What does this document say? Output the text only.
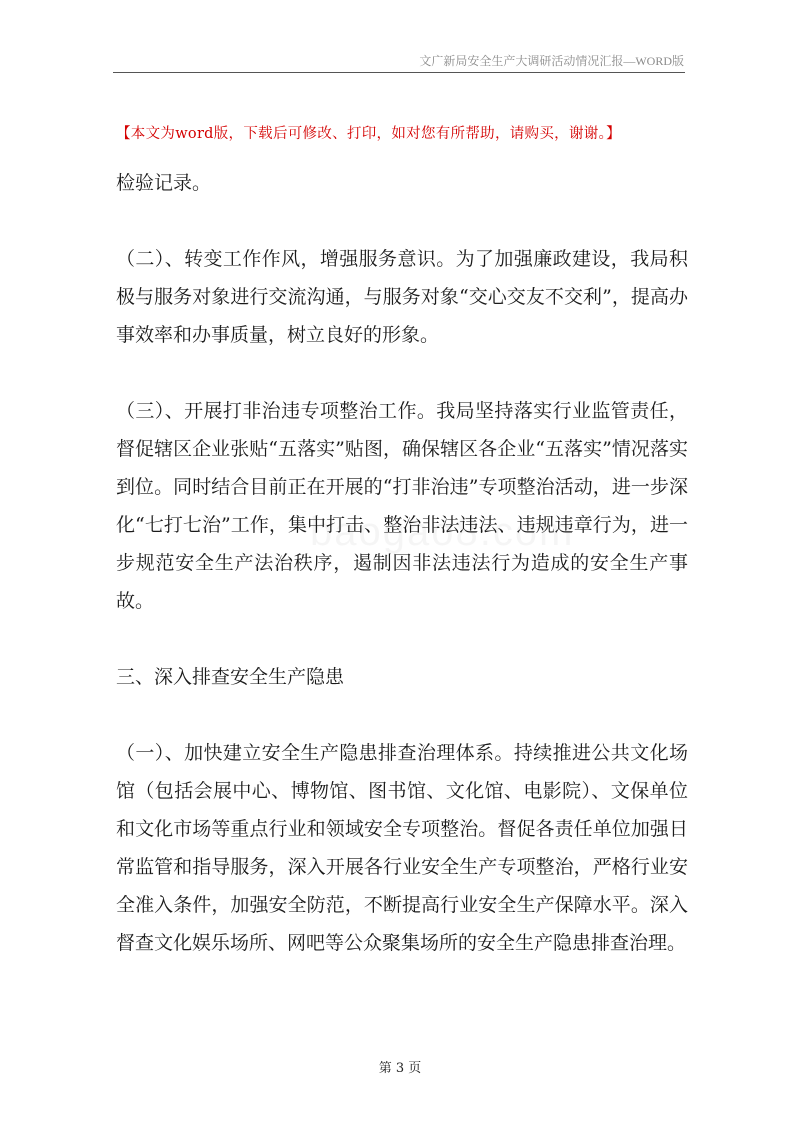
文广新局安全生产大调研活动情况汇报—WORD版
【本文为word版，下载后可修改、打印，如对您有所帮助，请购买，谢谢。】

检验记录。

（二）、转变工作作风，增强服务意识。为了加强廉政建设，我局积极与服务对象进行交流沟通，与服务对象“交心交友不交利”，提高办事效率和办事质量，树立良好的形象。

（三）、开展打非治违专项整治工作。我局坚持落实行业监管责任，督促辖区企业张贴“五落实”贴图，确保辖区各企业“五落实”情况落实到位。同时结合目前正在开展的“打非治违”专项整治活动，进一步深化“七打七治”工作，集中打击、整治非法违法、违规违章行为，进一步规范安全生产法治秩序，遏制因非法违法行为造成的安全生产事故。

三、深入排查安全生产隐患

（一）、加快建立安全生产隐患排查治理体系。持续推进公共文化场馆（包括会展中心、博物馆、图书馆、文化馆、电影院）、文保单位和文化市场等重点行业和领域安全专项整治。督促各责任单位加强日常监管和指导服务，深入开展各行业安全生产专项整治，严格行业安全准入条件，加强安全防范，不断提高行业安全生产保障水平。深入督查文化娱乐场所、网吧等公众聚集场所的安全生产隐患排查治理。

第 3 页
